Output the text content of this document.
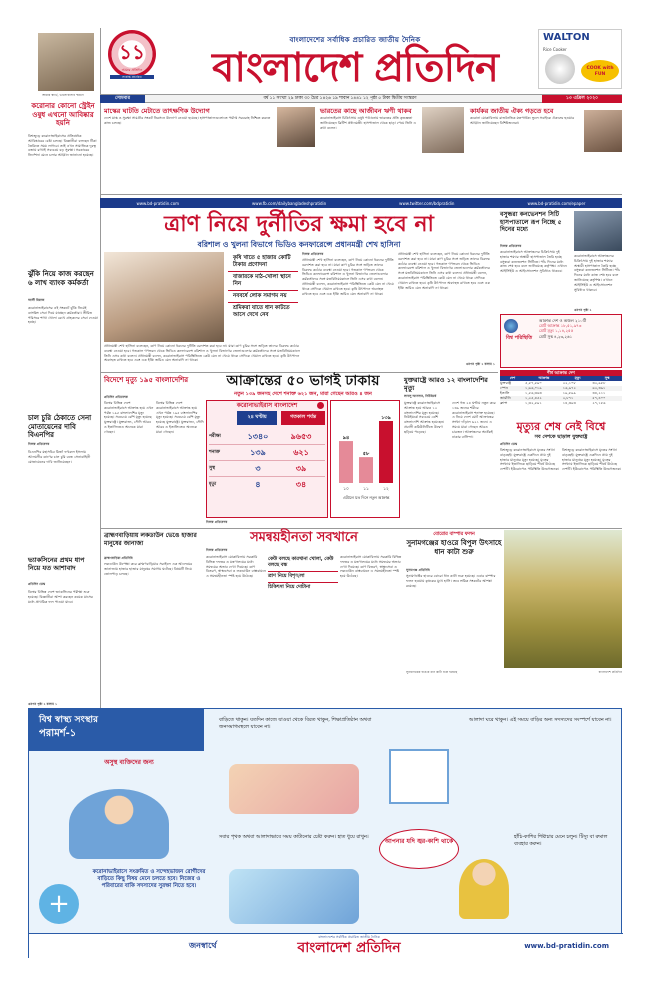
আমার স্বার্থে, ভালোবাসার স্মরণে
করোনার কোনো স্ট্রেইন ওষুধ এখনো আবিষ্কার হয়নি
বিশ্বজুড়ে করোনাভাইরাসের প্রতিষেধক আবিষ্কারের চেষ্টা চলছে। বিজ্ঞানীরা বলছেন টিকা তৈরিতে সময় লাগবে। তাই এখন সামাজিক দূরত্ব বজায় রাখাই সবচেয়ে বড় সুরক্ষা। সরকারের নির্দেশনা মেনে চলার আহ্বান জানানো হয়েছে।
ঝুঁকি নিয়ে কাজ করছেন ৬ লাখ ব্যাংক কর্মকর্তা
আলী রিয়াজ
করোনাভাইরাসের এই সংকটে ঝুঁকি নিয়েই ব্যাংকিং সেবা দিয়ে যাচ্ছেন কর্মকর্তারা। সীমিত পরিসরে শাখা খোলা রেখে গ্রাহকদের সেবা দেওয়া হচ্ছে।
চাল চুরি ঠেকাতে সেনা মোতায়েনের দাবি বিএনপির
নিজস্ব প্রতিবেদক
বিএনপির মহাসচিব মির্জা ফখরুল ইসলাম আলমগীর ত্রাণের চাল চুরি বন্ধে সেনাবাহিনী মোতায়েনের দাবি জানিয়েছেন।
ভ্যাকসিনের প্রথম ধাপ নিয়ে যত আশাবাদ
প্রতিদিন ডেস্ক
বিশ্বের বিভিন্ন দেশে ভ্যাকসিনের পরীক্ষা শুরু হয়েছে। বিজ্ঞানীরা আশা করছেন কয়েক মাসের মধ্যে প্রাথমিক ফল পাওয়া যাবে।
এরপর পৃষ্ঠা ২ কলাম ১
১১
আমার প্রতিদিন
সর্বোচ্চ প্রচারিত
বাংলাদেশের সর্বাধিক প্রচারিত জাতীয় দৈনিক
বাংলাদেশ প্রতিদিন
WALTON
Rice Cooker
COOK with FUN
সোমবার	বর্ষ ১১ সংখ্যা ২৯ ঢাকা ৩০ চৈত্র ১৪২৬ ১৯ শাবান ১৪৪১ ১২ পৃষ্ঠা ৫ টাকা দ্বিতীয় সংস্করণ	১৩ এপ্রিল ২০২০
মাস্কের ঘাটতি মেটাতে তাৎক্ষণিক উদ্যোগ
দেশে মাস্ক ও সুরক্ষা সামগ্রীর সংকট নিরসনে উদ্যোগ নেওয়া হয়েছে। হাসপাতালগুলোতে পর্যাপ্ত সরবরাহ নিশ্চিত করতে কাজ চলছে।
ভারতের কাছে আজীবন ঋণী থাকব
করোনাভাইরাস চিকিৎসায় ওষুধ পাঠানোয় ভারতের প্রতি কৃতজ্ঞতা জানিয়েছেন ব্রিটিশ প্রধানমন্ত্রী। হাসপাতাল থেকে ছাড়া পেয়ে তিনি এ কথা বলেন।
কার্যকর জাতীয় ঐক্য গড়তে হবে
করোনা মোকাবিলায় রাজনৈতিক মতপার্থক্য ভুলে সবাইকে ঐক্যবদ্ধ হওয়ার আহ্বান জানিয়েছেন বিশিষ্টজনেরা।
www.bd-pratidin.com	www.fb.com/dailybangladeshpratidin	www.twitter.com/bdpratidin	www.bd-pratidin.com/epaper
ত্রাণ নিয়ে দুর্নীতির ক্ষমা হবে না
বরিশাল ও খুলনা বিভাগে ভিডিও কনফারেন্সে প্রধানমন্ত্রী শেখ হাসিনা
কৃষি খাতে ৫ হাজার কোটি টাকার প্রণোদনা
বাজারকে মাঠ-খোলা স্থানে নিন
নববর্ষে লোক সমাগম নয়
শ্রমিকরা যাতে ধান কাটতে আসে দেখে নেব
নিজস্ব প্রতিবেদক
প্রধানমন্ত্রী শেখ হাসিনা বলেছেন, ত্রাণ নিয়ে কোনো ধরনের দুর্নীতি বরদাশত করা হবে না। যারা ত্রাণ চুরির সঙ্গে জড়িত তাদের বিরুদ্ধে কঠোর ব্যবস্থা নেওয়া হবে। গতকাল গণভবন থেকে ভিডিও কনফারেন্সে বরিশাল ও খুলনা বিভাগের জেলাগুলোর কর্মকর্তাদের সঙ্গে মতবিনিময়কালে তিনি এসব কথা বলেন। প্রধানমন্ত্রী বলেন, করোনাভাইরাস পরিস্থিতিতে কেউ যেন না খেয়ে থাকে সেদিকে খেয়াল রাখতে হবে। কৃষি উৎপাদন অব্যাহত রাখতে হবে এবং এক ইঞ্চি জমিও যেন অনাবাদি না থাকে।
প্রধানমন্ত্রী শেখ হাসিনা বলেছেন, ত্রাণ নিয়ে কোনো ধরনের দুর্নীতি বরদাশত করা হবে না। যারা ত্রাণ চুরির সঙ্গে জড়িত তাদের বিরুদ্ধে কঠোর ব্যবস্থা নেওয়া হবে। গতকাল গণভবন থেকে ভিডিও কনফারেন্সে বরিশাল ও খুলনা বিভাগের জেলাগুলোর কর্মকর্তাদের সঙ্গে মতবিনিময়কালে তিনি এসব কথা বলেন। প্রধানমন্ত্রী বলেন, করোনাভাইরাস পরিস্থিতিতে কেউ যেন না খেয়ে থাকে সেদিকে খেয়াল রাখতে হবে। কৃষি উৎপাদন অব্যাহত রাখতে হবে এবং এক ইঞ্চি জমিও যেন অনাবাদি না থাকে।
এরপর পৃষ্ঠা ২ কলাম ১
প্রধানমন্ত্রী শেখ হাসিনা বলেছেন, ত্রাণ নিয়ে কোনো ধরনের দুর্নীতি বরদাশত করা হবে না। যারা ত্রাণ চুরির সঙ্গে জড়িত তাদের বিরুদ্ধে কঠোর ব্যবস্থা নেওয়া হবে। গতকাল গণভবন থেকে ভিডিও কনফারেন্সে বরিশাল ও খুলনা বিভাগের জেলাগুলোর কর্মকর্তাদের সঙ্গে মতবিনিময়কালে তিনি এসব কথা বলেন। প্রধানমন্ত্রী বলেন, করোনাভাইরাস পরিস্থিতিতে কেউ যেন না খেয়ে থাকে সেদিকে খেয়াল রাখতে হবে। কৃষি উৎপাদন অব্যাহত রাখতে হবে এবং এক ইঞ্চি জমিও যেন অনাবাদি না থাকে।
বসুন্ধরা কনভেনশন সিটি হাসপাতালে রূপ নিচ্ছে ৫ দিনের মধ্যে
নিজস্ব প্রতিবেদক
করোনাভাইরাসে আক্রান্তদের চিকিৎসায় দুই হাজার শয্যার অস্থায়ী হাসপাতাল তৈরি হচ্ছে বসুন্ধরা কনভেনশন সিটিতে। পাঁচ দিনের মধ্যে কাজ শেষ হবে বলে জানিয়েছে কর্তৃপক্ষ। এখানে আইসিইউ ও আইসোলেশন সুবিধাও থাকবে।
করোনাভাইরাসে আক্রান্তদের চিকিৎসায় দুই হাজার শয্যার অস্থায়ী হাসপাতাল তৈরি হচ্ছে বসুন্ধরা কনভেনশন সিটিতে। পাঁচ দিনের মধ্যে কাজ শেষ হবে বলে জানিয়েছে কর্তৃপক্ষ। এখানে আইসিইউ ও আইসোলেশন সুবিধাও থাকবে।
এরপর পৃষ্ঠা ২
বিশ্ব পরিস্থিতি
আক্রান্ত দেশ ও অঞ্চল ২১০টি
মোট আক্রান্ত ১৮,৫১,৯৭৩
মোট মৃত্যু ১,১৪,২৫৫
মোট সুস্থ ৪,২৩,২৬১
শীর্ষ আক্রান্ত দেশ
দেশ	আক্রান্ত	মৃত্যু	সুস্থ
যুক্তরাষ্ট্র	৫,৫৭,৫৯০	২২,১০৮	৩২,৯৮৮
স্পেন	১,৬৬,০১৯	১৬,৯৭২	৬২,৩৯১
ইতালি	১,৫৬,৩৬৩	১৯,৮৯৯	৩৪,২১১
জার্মানি	১,২৫,৪৫২	২,৮৭১	৫৭,৪০০
ফ্রান্স	১,৩২,৫৯১	১৪,৩৯৩	২৭,১৮৬
বিদেশে মৃত্যু ১৯৫ বাংলাদেশির
প্রতিদিন প্রতিবেদক
বিশ্বের বিভিন্ন দেশে করোনাভাইরাসে আক্রান্ত হয়ে এখন পর্যন্ত ১৯৫ বাংলাদেশির মৃত্যু হয়েছে। সবচেয়ে বেশি মৃত্যু হয়েছে যুক্তরাষ্ট্রে। যুক্তরাজ্য, সৌদি আরব ও ইতালিতেও অনেকে মারা গেছেন।
বিশ্বের বিভিন্ন দেশে করোনাভাইরাসে আক্রান্ত হয়ে এখন পর্যন্ত ১৯৫ বাংলাদেশির মৃত্যু হয়েছে। সবচেয়ে বেশি মৃত্যু হয়েছে যুক্তরাষ্ট্রে। যুক্তরাজ্য, সৌদি আরব ও ইতালিতেও অনেকে মারা গেছেন।
আক্রান্তের ৫০ ভাগই ঢাকায়
নতুন ১৩৯ জনসহ দেশে শনাক্ত ৬২১ জন, মারা গেছেন আরও ৪ জন
করোনাভাইরাস বাংলাদেশ
২৪ ঘণ্টায়	গতকাল পর্যন্ত
পরীক্ষা	১৩৪০	৯৬৫৩
শনাক্ত	১৩৯	৬২১
সুস্থ	৩	৩৯
মৃত্যু	৪	৩৪
৯৪
১০
৫৮
১১
১৩৯
১২
এপ্রিলে যত দিনে নতুন আক্রান্ত
নিজস্ব প্রতিবেদক
যুক্তরাষ্ট্রে আরও ১২ বাংলাদেশির মৃত্যু
লাবলু আনসার, নিউইয়র্ক
যুক্তরাষ্ট্রে করোনাভাইরাসে আক্রান্ত হয়ে আরও ১২ বাংলাদেশির মৃত্যু হয়েছে। নিউইয়র্কে সবচেয়ে বেশি বাংলাদেশি আক্রান্ত হয়েছেন। প্রবাসী কমিউনিটিতে উদ্বেগ ছড়িয়ে পড়েছে।
দেশে গত ২৪ ঘণ্টায় নতুন করে ১৩৯ জনের শরীরে করোনাভাইরাস শনাক্ত হয়েছে। এ নিয়ে দেশে মোট আক্রান্তের সংখ্যা দাঁড়াল ৬২১ জনে। এ সময়ে মারা গেছেন আরও চারজন। আক্রান্তদের অর্ধেকই ঢাকার বাসিন্দা।
মৃত্যুর শেষ নেই বিশ্বে
সব দেশকে ছাড়াল যুক্তরাষ্ট্র
প্রতিদিন ডেস্ক
বিশ্বজুড়ে করোনাভাইরাসে মৃতের সংখ্যা বাড়ছেই। যুক্তরাষ্ট্রে একদিনে প্রায় দুই হাজার মানুষের মৃত্যু হয়েছে। মৃতের সংখ্যায় ইতালিকে ছাড়িয়ে শীর্ষে উঠেছে দেশটি। ইউরোপেও পরিস্থিতি উদ্বেগজনক।
বিশ্বজুড়ে করোনাভাইরাসে মৃতের সংখ্যা বাড়ছেই। যুক্তরাষ্ট্রে একদিনে প্রায় দুই হাজার মানুষের মৃত্যু হয়েছে। মৃতের সংখ্যায় ইতালিকে ছাড়িয়ে শীর্ষে উঠেছে দেশটি। ইউরোপেও পরিস্থিতি উদ্বেগজনক।
ব্রাহ্মণবাড়িয়ায় লকডাউন ভেঙে হাজার মানুষের জানাজা
ব্রাহ্মণবাড়িয়া প্রতিনিধি
লকডাউন উপেক্ষা করে ব্রাহ্মণবাড়িয়ার সরাইলে এক আলেমের জানাজায় হাজার হাজার মানুষের সমাগম ঘটেছে। বিষয়টি নিয়ে তোলপাড় চলছে।
সমন্বয়হীনতা সবখানে
নিজস্ব প্রতিবেদক
করোনাভাইরাস মোকাবিলায় সরকারি বিভিন্ন দফতর ও মন্ত্রণালয়ের মধ্যে সমন্বয়ের অভাব দেখা দিয়েছে। ত্রাণ বিতরণ, স্বাস্থ্যসেবা ও লকডাউন বাস্তবায়নে এ সমন্বয়হীনতা স্পষ্ট হয়ে উঠেছে।
কেউ বলছে কারখানা খোলা, কেউ বলছে বন্ধ
ত্রাণ নিয়ে বিশৃঙ্খলা
চিকিৎসা নিয়ে দোটানা
করোনাভাইরাস মোকাবিলায় সরকারি বিভিন্ন দফতর ও মন্ত্রণালয়ের মধ্যে সমন্বয়ের অভাব দেখা দিয়েছে। ত্রাণ বিতরণ, স্বাস্থ্যসেবা ও লকডাউন বাস্তবায়নে এ সমন্বয়হীনতা স্পষ্ট হয়ে উঠেছে।
বোরোর বাম্পার ফলন
সুনামগঞ্জের হাওরে বিপুল উৎসাহে ধান কাটা শুরু
সুনামগঞ্জ প্রতিনিধি
সুনামগঞ্জের হাওরে বোরো ধান কাটা শুরু হয়েছে। এবার বাম্পার ফলন হওয়ায় কৃষকের মুখে হাসি। তবে শ্রমিক সংকটের আশঙ্কা রয়েছে।
সুনামগঞ্জের হাওরে ধান কাটা শুরু হয়েছে	বাংলাদেশ প্রতিদিন
বিশ্ব স্বাস্থ্য সংস্থার
পরামর্শ-১
অসুস্থ ব্যক্তিদের জন্য
+
করোনাভাইরাসে সংক্রমিত ও সন্দেহভাজন রোগীদের বাড়িতে কিছু বিষয় মেনে চলতে হবে। নিজের ও পরিবারের বাকি সদস্যদের সুরক্ষা নিতে হবে।
বাড়িতে থাকুন। যতদিন কাজে যাওয়া থেকে বিরত থাকুন, শিক্ষাপ্রতিষ্ঠান অথবা জনসমাগমস্থলে যাবেন না।
সবার পৃথক অথবা আলাদাভাবে সময় কাটানোর চেষ্টা করুন। হাত ধুয়ে রাখুন।
আপনার যদি জ্বর-কাশি থাকে
আলাদা ঘরে থাকুন। এই সময়ে বাড়ির অন্য সদস্যদের সংস্পর্শে যাবেন না।
হাঁচি-কাশির শিষ্টাচার মেনে চলুন। টিস্যু বা রুমাল ব্যবহার করুন।
জনস্বার্থে
বাংলাদেশের সর্বাধিক প্রচারিত জাতীয় দৈনিক
বাংলাদেশ প্রতিদিন	www.bd-pratidin.com
